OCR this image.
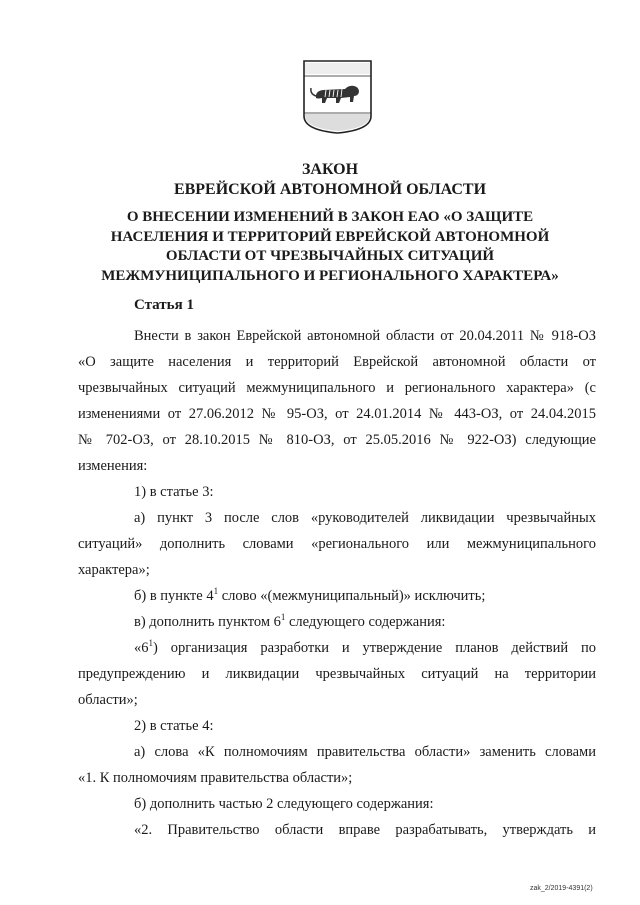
ЗАКОН
ЕВРЕЙСКОЙ АВТОНОМНОЙ ОБЛАСТИ
О ВНЕСЕНИИ ИЗМЕНЕНИЙ В ЗАКОН ЕАО «О ЗАЩИТЕ
НАСЕЛЕНИЯ И ТЕРРИТОРИЙ ЕВРЕЙСКОЙ АВТОНОМНОЙ
ОБЛАСТИ ОТ ЧРЕЗВЫЧАЙНЫХ СИТУАЦИЙ
МЕЖМУНИЦИПАЛЬНОГО И РЕГИОНАЛЬНОГО ХАРАКТЕРА»
Статья 1
Внести в закон Еврейской автономной области от 20.04.2011 № 918-ОЗ
«О защите населения и территорий Еврейской автономной области от
чрезвычайных ситуаций межмуниципального и регионального характера» (с
изменениями от 27.06.2012 № 95-ОЗ, от 24.01.2014 № 443-ОЗ, от 24.04.2015
№ 702-ОЗ, от 28.10.2015 № 810-ОЗ, от 25.05.2016 № 922-ОЗ) следующие
изменения:
1) в статье 3:
а) пункт 3 после слов «руководителей ликвидации чрезвычайных
ситуаций» дополнить словами «регионального или межмуниципального
характера»;
б) в пункте $4^1$ слово «(межмуниципальный)» исключить;
в) дополнить пунктом $6^1$ следующего содержания:
«$6^1$) организация разработки и утверждение планов действий по
предупреждению и ликвидации чрезвычайных ситуаций на территории
области»;
2) в статье 4:
а) слова «К полномочиям правительства области» заменить словами
«1. К полномочиям правительства области»;
б) дополнить частью 2 следующего содержания:
«2. Правительство области вправе разрабатывать, утверждать и
zak_2/2019-4391(2)
